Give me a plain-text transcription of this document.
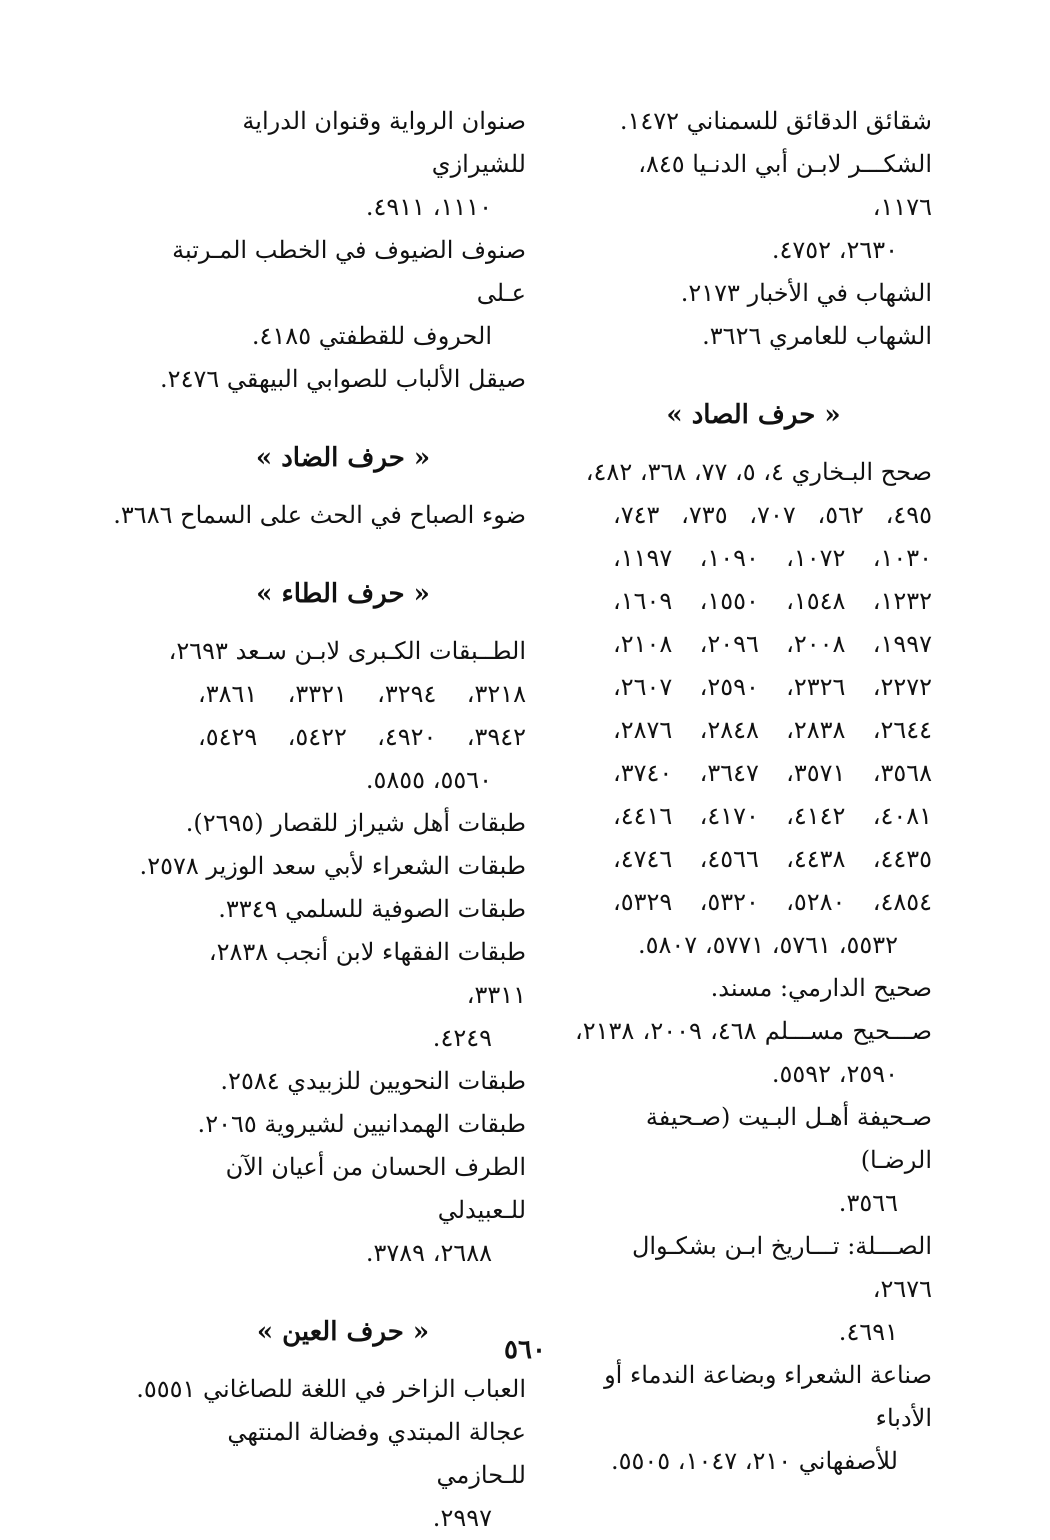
شقائق الدقائق للسمناني ١٤٧٢.
الشكـــر لابـن أبي الدنـيا ٨٤٥، ١١٧٦،
٢٦٣٠، ٤٧٥٢.
الشهاب في الأخبار ٢١٧٣.
الشهاب للعامري ٣٦٢٦.
« حرف الصاد »
صحح البـخاري ٤، ٥، ٧٧، ٣٦٨، ٤٨٢،
٤٩٥،
٥٦٢،
٧٠٧،
٧٣٥،
٧٤٣،
١٠٣٠،
١٠٧٢،
١٠٩٠،
١١٩٧،
١٢٣٢،
١٥٤٨،
١٥٥٠،
١٦٠٩،
١٩٩٧،
٢٠٠٨،
٢٠٩٦،
٢١٠٨،
٢٢٧٢،
٢٣٢٦،
٢٥٩٠،
٢٦٠٧،
٢٦٤٤،
٢٨٣٨،
٢٨٤٨،
٢٨٧٦،
٣٥٦٨،
٣٥٧١،
٣٦٤٧،
٣٧٤٠،
٤٠٨١،
٤١٤٢،
٤١٧٠،
٤٤١٦،
٤٤٣٥،
٤٤٣٨،
٤٥٦٦،
٤٧٤٦،
٤٨٥٤،
٥٢٨٠،
٥٣٢٠،
٥٣٢٩،
٥٥٣٢، ٥٧٦١، ٥٧٧١، ٥٨٠٧.
صحيح الدارمي: مسند.
صـــحيح مســـلم ٤٦٨، ٢٠٠٩، ٢١٣٨،
٢٥٩٠، ٥٥٩٢.
صـحيفة أهـل البـيت (صـحيفة الرضـا)
٣٥٦٦.
الصـــلة: تـــاريخ ابـن بشكـوال ٢٦٧٦،
٤٦٩١.
صناعة الشعراء وبضاعة الندماء أو الأدباء
للأصفهاني ٢١٠، ١٠٤٧، ٥٥٠٥.
صنوان الرواية وقنوان الدراية للشيرازي
١١١٠، ٤٩١١.
صنوف الضيوف في الخطب المـرتبة عـلى
الحروف للقطفتي ٤١٨٥.
صيقل الألباب للصوابي البيهقي ٢٤٧٦.
« حرف الضاد »
ضوء الصباح في الحث على السماح ٣٦٨٦.
« حرف الطاء »
الطــبقات الكـبرى لابـن سـعد ٢٦٩٣،
٣٢١٨،
٣٢٩٤،
٣٣٢١،
٣٨٦١،
٣٩٤٢،
٤٩٢٠،
٥٤٢٢،
٥٤٢٩،
٥٥٦٠، ٥٨٥٥.
طبقات أهل شيراز للقصار (٢٦٩٥).
طبقات الشعراء لأبي سعد الوزير ٢٥٧٨.
طبقات الصوفية للسلمي ٣٣٤٩.
طبقات الفقهاء لابن أنجب ٢٨٣٨، ٣٣١١،
٤٢٤٩.
طبقات النحويين للزبيدي ٢٥٨٤.
طبقات الهمدانيين لشيروية ٢٠٦٥.
الطرف الحسان من أعيان الآن للـعبيدلي
٢٦٨٨، ٣٧٨٩.
« حرف العين »
العباب الزاخر في اللغة للصاغاني ٥٥٥١.
عجالة المبتدي وفضالة المنتهي للـحازمي
٢٩٩٧.
٥٦٠
